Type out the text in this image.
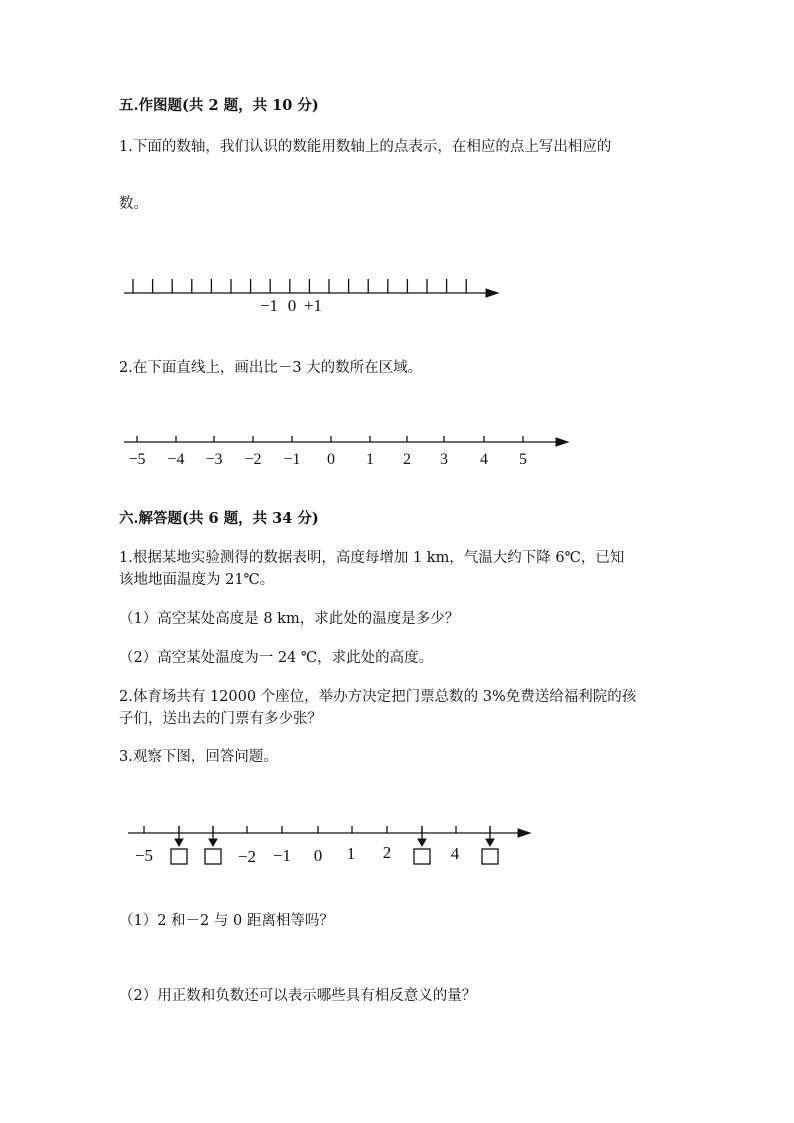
五.作图题(共 2 题，共 10 分)
1.下面的数轴，我们认识的数能用数轴上的点表示，在相应的点上写出相应的
数。
−1 0 +1
2.在下面直线上，画出比－3 大的数所在区域。
−5 −4 −3 −2 −1 0 1 2 3 4 5
六.解答题(共 6 题，共 34 分)
1.根据某地实验测得的数据表明，高度每增加 1 km，气温大约下降 6℃，已知
该地地面温度为 21℃。
（1）高空某处高度是 8 km，求此处的温度是多少？
（2）高空某处温度为一 24 ℃，求此处的高度。
2.体育场共有 12000 个座位，举办方决定把门票总数的 3%免费送给福利院的孩
子们，送出去的门票有多少张？
3.观察下图，回答问题。
−5	−2 −1 0 1 2	4
（1）2 和－2 与 0 距离相等吗？
（2）用正数和负数还可以表示哪些具有相反意义的量？
